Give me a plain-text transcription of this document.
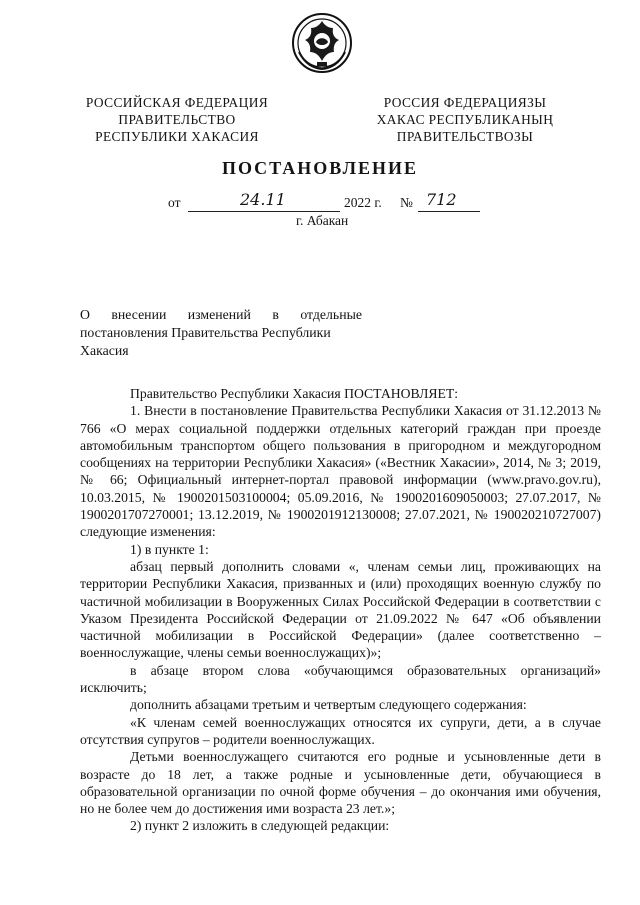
РОССИЙСКАЯ ФЕДЕРАЦИЯ
ПРАВИТЕЛЬСТВО
РЕСПУБЛИКИ ХАКАСИЯ
РОССИЯ ФЕДЕРАЦИЯЗЫ
ХАКАС РЕСПУБЛИКАНЫҢ
ПРАВИТЕЛЬСТВОЗЫ
ПОСТАНОВЛЕНИЕ
от	24.11	2022 г. № 712
г. Абакан
О внесении изменений в отдельные
постановления Правительства Республики
Хакасия

Правительство Республики Хакасия ПОСТАНОВЛЯЕТ:

1. Внести в постановление Правительства Республики Хакасия от 31.12.2013 № 766 «О мерах социальной поддержки отдельных категорий граждан при проезде автомобильным транспортом общего пользования в пригородном и междугородном сообщениях на территории Республики Хакасия» («Вестник Хакасии», 2014, № 3; 2019, № 66; Официальный интернет-портал правовой информации (www.pravo.gov.ru), 10.03.2015, № 1900201503100004; 05.09.2016, № 1900201609050003; 27.07.2017, № 1900201707270001; 13.12.2019, № 1900201912130008; 27.07.2021, № 190020210727007) следующие изменения:

1) в пункте 1:

абзац первый дополнить словами «, членам семьи лиц, проживающих на территории Республики Хакасия, призванных и (или) проходящих военную службу по частичной мобилизации в Вооруженных Силах Российской Федерации в соответствии с Указом Президента Российской Федерации от 21.09.2022 № 647 «Об объявлении частичной мобилизации в Российской Федерации» (далее соответственно – военнослужащие, члены семьи военнослужащих)»;

в абзаце втором слова «обучающимся образовательных организаций» исключить;

дополнить абзацами третьим и четвертым следующего содержания:

«К членам семей военнослужащих относятся их супруги, дети, а в случае отсутствия супругов – родители военнослужащих.

Детьми военнослужащего считаются его родные и усыновленные дети в возрасте до 18 лет, а также родные и усыновленные дети, обучающиеся в образовательной организации по очной форме обучения – до окончания ими обучения, но не более чем до достижения ими возраста 23 лет.»;

2) пункт 2 изложить в следующей редакции:
